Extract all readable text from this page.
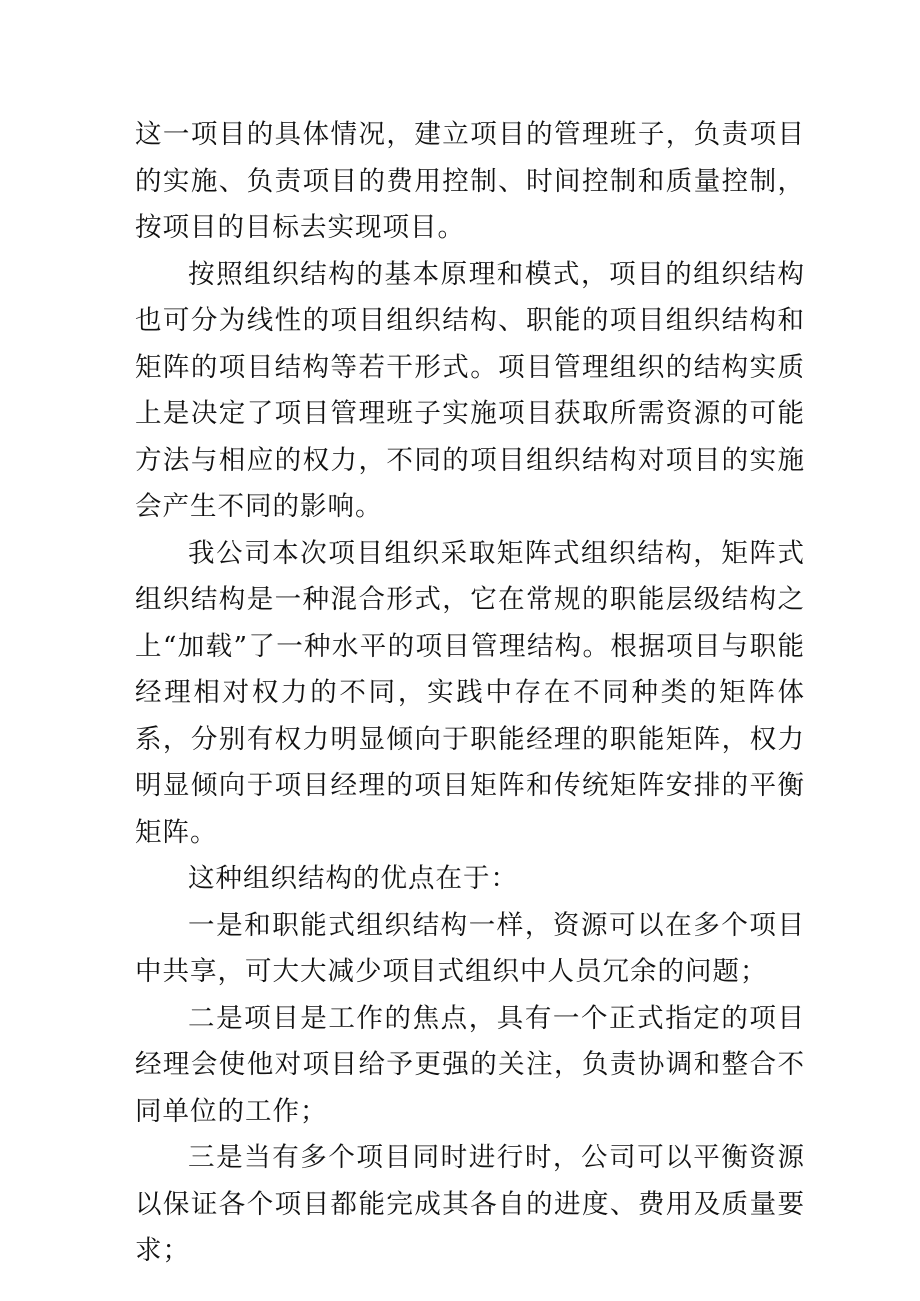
这一项目的具体情况，建立项目的管理班子，负责项目的实施、负责项目的费用控制、时间控制和质量控制，按项目的目标去实现项目。

按照组织结构的基本原理和模式，项目的组织结构也可分为线性的项目组织结构、职能的项目组织结构和矩阵的项目结构等若干形式。项目管理组织的结构实质上是决定了项目管理班子实施项目获取所需资源的可能方法与相应的权力，不同的项目组织结构对项目的实施会产生不同的影响。

我公司本次项目组织采取矩阵式组织结构，矩阵式组织结构是一种混合形式，它在常规的职能层级结构之上“加载”了一种水平的项目管理结构。根据项目与职能经理相对权力的不同，实践中存在不同种类的矩阵体系，分别有权力明显倾向于职能经理的职能矩阵，权力明显倾向于项目经理的项目矩阵和传统矩阵安排的平衡矩阵。

这种组织结构的优点在于：

一是和职能式组织结构一样，资源可以在多个项目中共享，可大大减少项目式组织中人员冗余的问题；

二是项目是工作的焦点，具有一个正式指定的项目经理会使他对项目给予更强的关注，负责协调和整合不同单位的工作；

三是当有多个项目同时进行时，公司可以平衡资源以保证各个项目都能完成其各自的进度、费用及质量要求；
